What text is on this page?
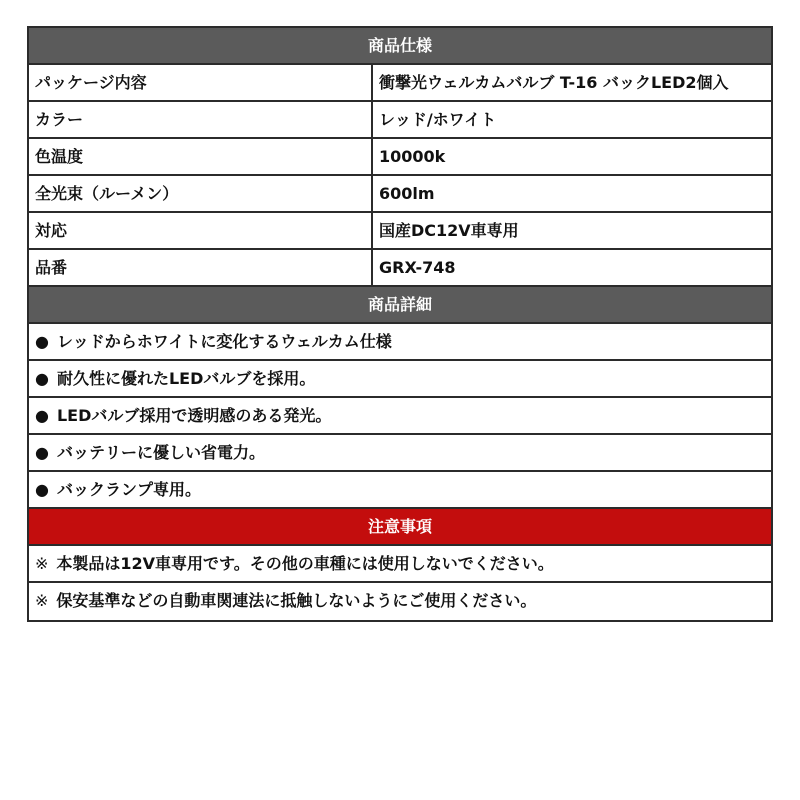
商品仕様
パッケージ内容	衝撃光ウェルカムバルブ T-16 バックLED2個入
カラー	レッド/ホワイト
色温度	10000k
全光束（ルーメン）	600lm
対応	国産DC12V車専用
品番	GRX-748
商品詳細
● レッドからホワイトに変化するウェルカム仕様
● 耐久性に優れたLEDバルブを採用。
● LEDバルブ採用で透明感のある発光。
● バッテリーに優しい省電力。
● バックランプ専用。
注意事項
※ 本製品は12V車専用です。その他の車種には使用しないでください。
※ 保安基準などの自動車関連法に抵触しないようにご使用ください。
